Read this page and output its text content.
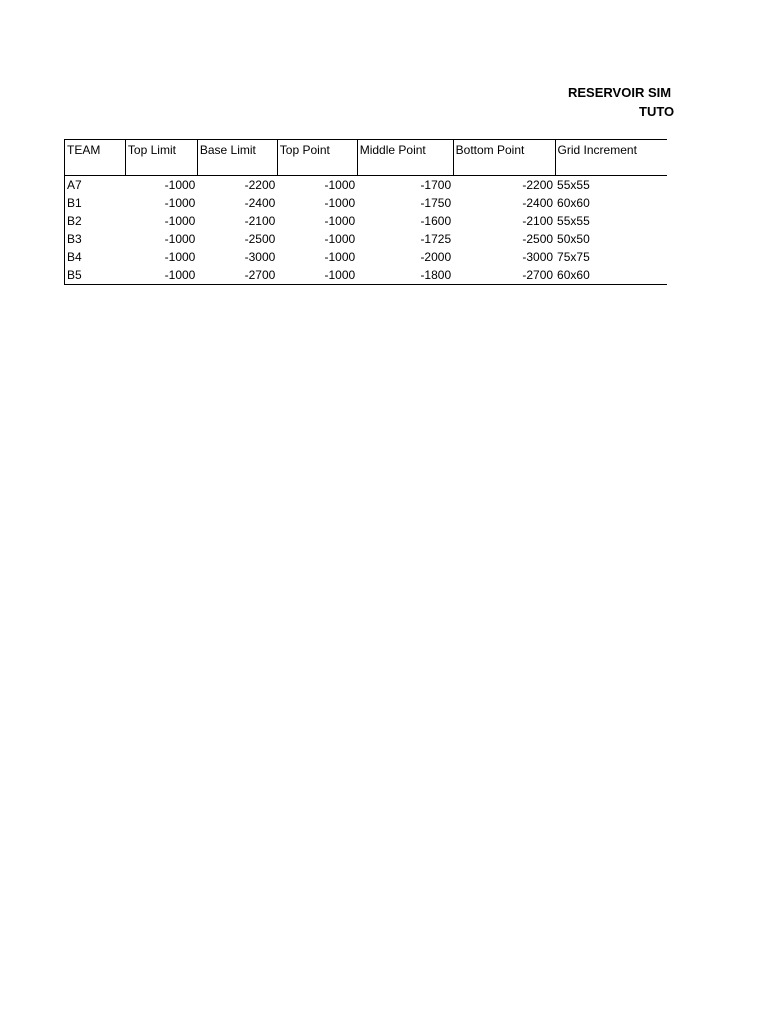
RESERVOIR SIM
TUTO
TEAM	Top Limit	Base Limit	Top Point	Middle Point	Bottom Point	Grid Increment
A7	-1000	-2200	-1000	-1700	-2200	55x55
B1	-1000	-2400	-1000	-1750	-2400	60x60
B2	-1000	-2100	-1000	-1600	-2100	55x55
B3	-1000	-2500	-1000	-1725	-2500	50x50
B4	-1000	-3000	-1000	-2000	-3000	75x75
B5	-1000	-2700	-1000	-1800	-2700	60x60
